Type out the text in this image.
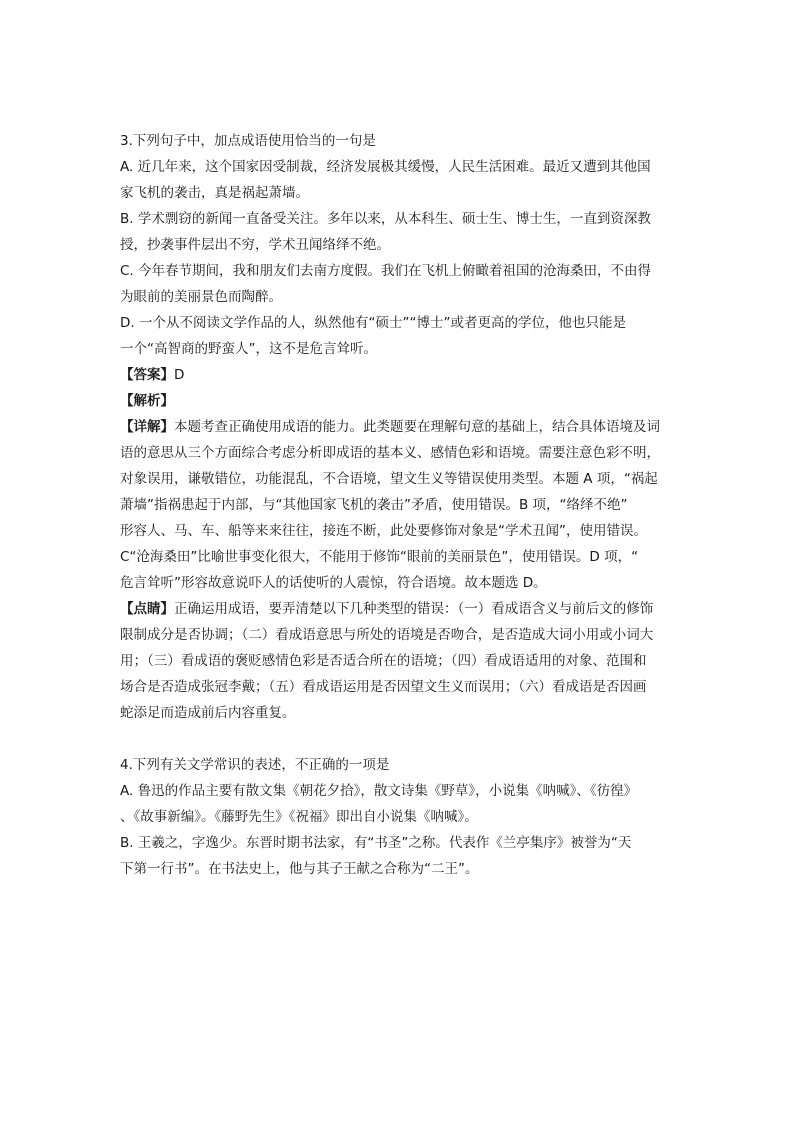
3.下列句子中，加点成语使用恰当的一句是
A. 近几年来，这个国家因受制裁，经济发展极其缓慢，人民生活困难。最近又遭到其他国
家飞机的袭击，真是祸起萧墙。
B. 学术剽窃的新闻一直备受关注。多年以来，从本科生、硕士生、博士生，一直到资深教
授，抄袭事件层出不穷，学术丑闻络绎不绝。
C. 今年春节期间，我和朋友们去南方度假。我们在飞机上俯瞰着祖国的沧海桑田，不由得
为眼前的美丽景色而陶醉。
D. 一个从不阅读文学作品的人，纵然他有“硕士”“博士”或者更高的学位，他也只能是
一个“高智商的野蛮人”，这不是危言耸听。
【答案】D
【解析】
【详解】本题考查正确使用成语的能力。此类题要在理解句意的基础上，结合具体语境及词
语的意思从三个方面综合考虑分析即成语的基本义、感情色彩和语境。需要注意色彩不明，
对象误用，谦敬错位，功能混乱，不合语境，望文生义等错误使用类型。本题 A 项，“祸起
萧墙”指祸患起于内部，与“其他国家飞机的袭击”矛盾，使用错误。B 项，“络绎不绝”
形容人、马、车、船等来来往往，接连不断，此处要修饰对象是“学术丑闻”，使用错误。
C“沧海桑田”比喻世事变化很大，不能用于修饰“眼前的美丽景色”，使用错误。D 项，“
危言耸听”形容故意说吓人的话使听的人震惊，符合语境。故本题选 D。
【点睛】正确运用成语，要弄清楚以下几种类型的错误：（一）看成语含义与前后文的修饰
限制成分是否协调；（二）看成语意思与所处的语境是否吻合，是否造成大词小用或小词大
用；（三）看成语的褒贬感情色彩是否适合所在的语境；（四）看成语适用的对象、范围和
场合是否造成张冠李戴；（五）看成语运用是否因望文生义而误用；（六）看成语是否因画
蛇添足而造成前后内容重复。
4.下列有关文学常识的表述，不正确的一项是
A. 鲁迅的作品主要有散文集《朝花夕拾》，散文诗集《野草》，小说集《呐喊》、《彷徨》
、《故事新编》。《藤野先生》《祝福》即出自小说集《呐喊》。
B. 王羲之，字逸少。东晋时期书法家，有“书圣”之称。代表作《兰亭集序》被誉为“天
下第一行书”。在书法史上，他与其子王献之合称为“二王”。
